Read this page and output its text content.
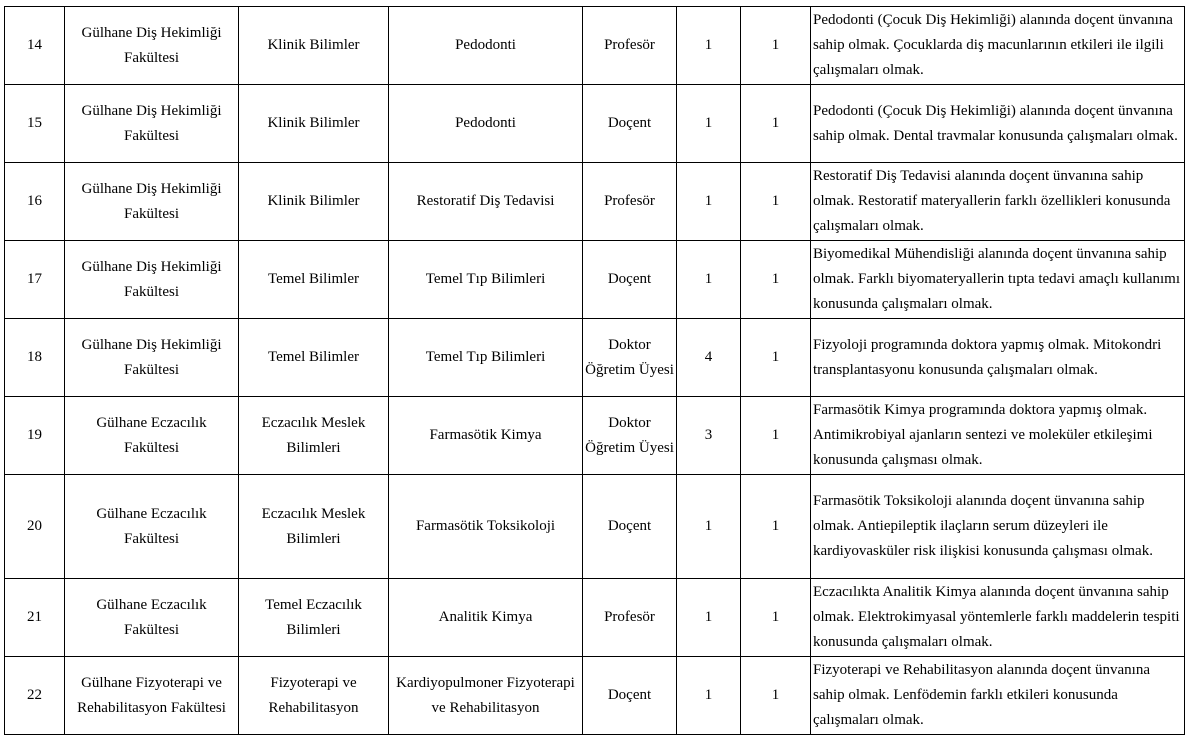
14	Gülhane Diş Hekimliği Fakültesi	Klinik Bilimler	Pedodonti	Profesör	1	1	Pedodonti (Çocuk Diş Hekimliği) alanında doçent ünvanına sahip olmak. Çocuklarda diş macunlarının etkileri ile ilgili çalışmaları olmak.
15	Gülhane Diş Hekimliği Fakültesi	Klinik Bilimler	Pedodonti	Doçent	1	1	Pedodonti (Çocuk Diş Hekimliği) alanında doçent ünvanına sahip olmak. Dental travmalar konusunda çalışmaları olmak.
16	Gülhane Diş Hekimliği Fakültesi	Klinik Bilimler	Restoratif Diş Tedavisi	Profesör	1	1	Restoratif Diş Tedavisi alanında doçent ünvanına sahip olmak. Restoratif materyallerin farklı özellikleri konusunda çalışmaları olmak.
17	Gülhane Diş Hekimliği Fakültesi	Temel Bilimler	Temel Tıp Bilimleri	Doçent	1	1	Biyomedikal Mühendisliği alanında doçent ünvanına sahip olmak. Farklı biyomateryallerin tıpta tedavi amaçlı kullanımı konusunda çalışmaları olmak.
18	Gülhane Diş Hekimliği Fakültesi	Temel Bilimler	Temel Tıp Bilimleri	Doktor Öğretim Üyesi	4	1	Fizyoloji programında doktora yapmış olmak. Mitokondri transplantasyonu konusunda çalışmaları olmak.
19	Gülhane Eczacılık Fakültesi	Eczacılık Meslek Bilimleri	Farmasötik Kimya	Doktor Öğretim Üyesi	3	1	Farmasötik Kimya programında doktora yapmış olmak. Antimikrobiyal ajanların sentezi ve moleküler etkileşimi konusunda çalışması olmak.
20	Gülhane Eczacılık Fakültesi	Eczacılık Meslek Bilimleri	Farmasötik Toksikoloji	Doçent	1	1	Farmasötik Toksikoloji alanında doçent ünvanına sahip olmak. Antiepileptik ilaçların serum düzeyleri ile kardiyovasküler risk ilişkisi konusunda çalışması olmak.
21	Gülhane Eczacılık Fakültesi	Temel Eczacılık Bilimleri	Analitik Kimya	Profesör	1	1	Eczacılıkta Analitik Kimya alanında doçent ünvanına sahip olmak. Elektrokimyasal yöntemlerle farklı maddelerin tespiti konusunda çalışmaları olmak.
22	Gülhane Fizyoterapi ve Rehabilitasyon Fakültesi	Fizyoterapi ve Rehabilitasyon	Kardiyopulmoner Fizyoterapi ve Rehabilitasyon	Doçent	1	1	Fizyoterapi ve Rehabilitasyon alanında doçent ünvanına sahip olmak. Lenfödemin farklı etkileri konusunda çalışmaları olmak.
